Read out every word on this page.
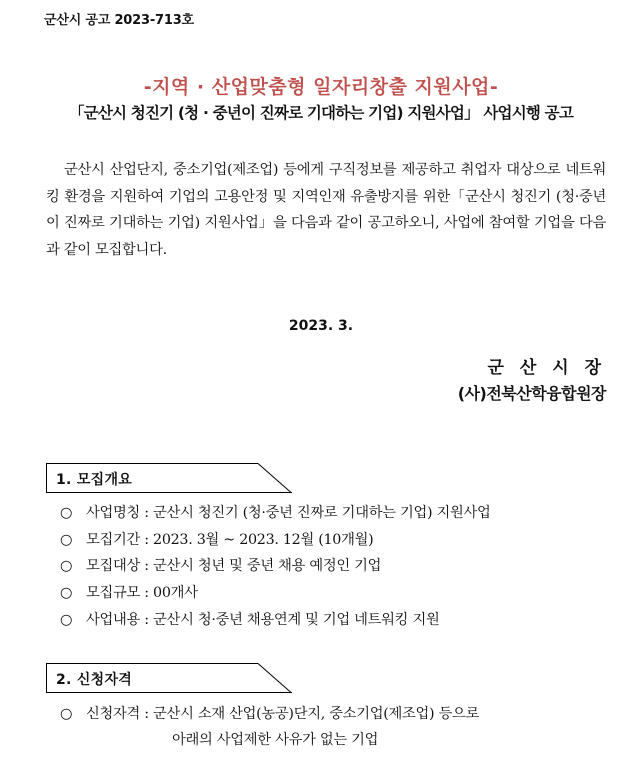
군산시 공고 2023-713호
-지역 · 산업맞춤형 일자리창출 지원사업-
「군산시 청진기 (청 · 중년이 진짜로 기대하는 기업) 지원사업」 사업시행 공고
군산시 산업단지, 중소기업(제조업) 등에게 구직정보를 제공하고 취업자 대상으로 네트워킹 환경을 지원하여 기업의 고용안정 및 지역인재 유출방지를 위한「군산시 청진기 (청·중년이 진짜로 기대하는 기업) 지원사업」을 다음과 같이 공고하오니, 사업에 참여할 기업을 다음과 같이 모집합니다.
2023. 3.
군 산 시 장
(사)전북산학융합원장
1. 모집개요
○ 사업명칭 : 군산시 청진기 (청·중년 진짜로 기대하는 기업) 지원사업
○ 모집기간 : 2023. 3월 ~ 2023. 12월 (10개월)
○ 모집대상 : 군산시 청년 및 중년 채용 예정인 기업
○ 모집규모 : 00개사
○ 사업내용 : 군산시 청·중년 채용연계 및 기업 네트워킹 지원
2. 신청자격
○ 신청자격 : 군산시 소재 산업(농공)단지, 중소기업(제조업) 등으로
아래의 사업제한 사유가 없는 기업
